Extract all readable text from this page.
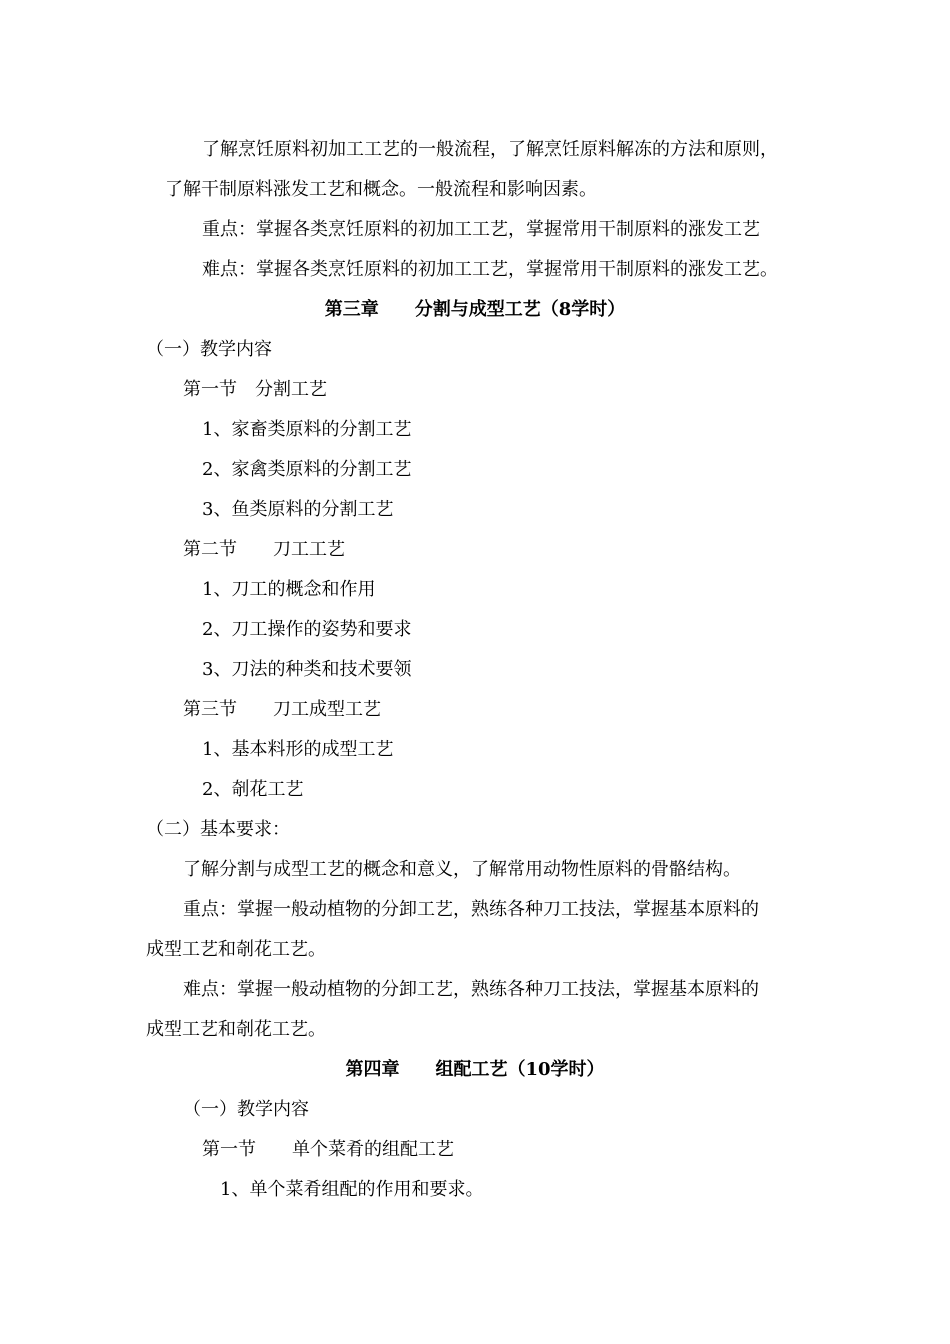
了解烹饪原料初加工工艺的一般流程，了解烹饪原料解冻的方法和原则，

了解干制原料涨发工艺和概念。一般流程和影响因素。

重点：掌握各类烹饪原料的初加工工艺，掌握常用干制原料的涨发工艺

难点：掌握各类烹饪原料的初加工工艺，掌握常用干制原料的涨发工艺。

第三章　　分割与成型工艺（8学时）

（一）教学内容

第一节　分割工艺

1、家畜类原料的分割工艺

2、家禽类原料的分割工艺

3、鱼类原料的分割工艺

第二节　　刀工工艺

1、刀工的概念和作用

2、刀工操作的姿势和要求

3、刀法的种类和技术要领

第三节　　刀工成型工艺

1、基本料形的成型工艺

2、剞花工艺

（二）基本要求：

了解分割与成型工艺的概念和意义，了解常用动物性原料的骨骼结构。

重点：掌握一般动植物的分卸工艺，熟练各种刀工技法，掌握基本原料的

成型工艺和剞花工艺。

难点：掌握一般动植物的分卸工艺，熟练各种刀工技法，掌握基本原料的

成型工艺和剞花工艺。

第四章　　组配工艺（10学时）

（一）教学内容

第一节　　单个菜肴的组配工艺

1、单个菜肴组配的作用和要求。
